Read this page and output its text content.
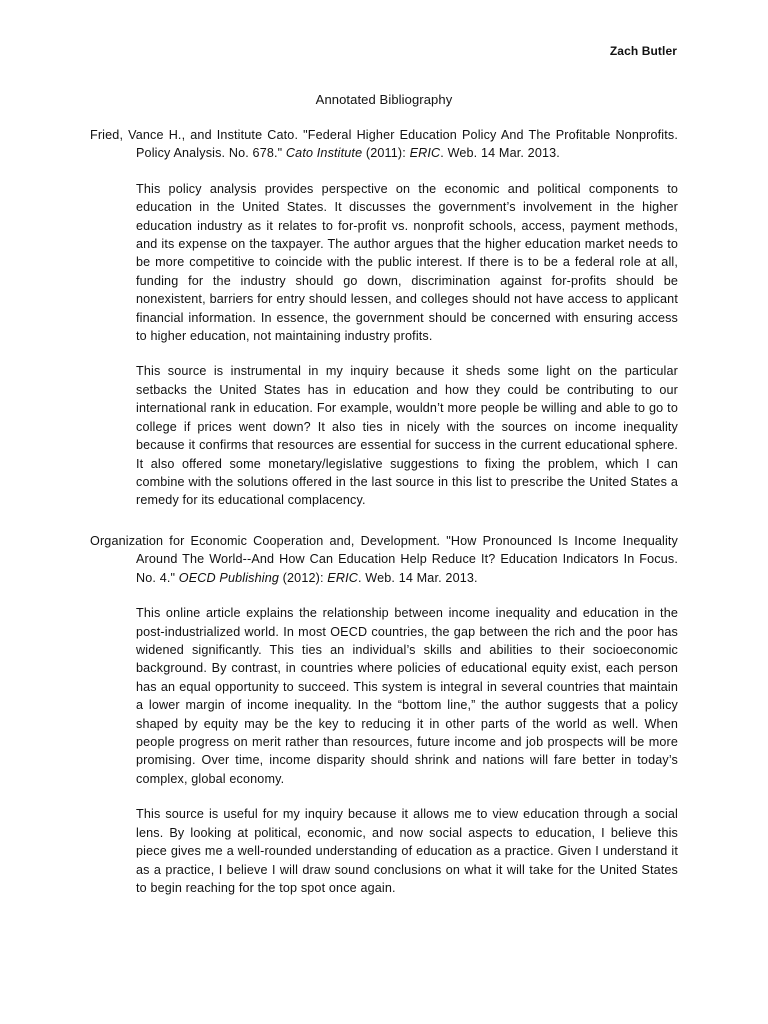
Zach Butler
Annotated Bibliography

Fried, Vance H., and Institute Cato. "Federal Higher Education Policy And The Profitable Nonprofits. Policy Analysis. No. 678." Cato Institute (2011): ERIC. Web. 14 Mar. 2013.

This policy analysis provides perspective on the economic and political components to education in the United States. It discusses the government’s involvement in the higher education industry as it relates to for-profit vs. nonprofit schools, access, payment methods, and its expense on the taxpayer. The author argues that the higher education market needs to be more competitive to coincide with the public interest. If there is to be a federal role at all, funding for the industry should go down, discrimination against for-profits should be nonexistent, barriers for entry should lessen, and colleges should not have access to applicant financial information. In essence, the government should be concerned with ensuring access to higher education, not maintaining industry profits.

This source is instrumental in my inquiry because it sheds some light on the particular setbacks the United States has in education and how they could be contributing to our international rank in education. For example, wouldn’t more people be willing and able to go to college if prices went down? It also ties in nicely with the sources on income inequality because it confirms that resources are essential for success in the current educational sphere. It also offered some monetary/legislative suggestions to fixing the problem, which I can combine with the solutions offered in the last source in this list to prescribe the United States a remedy for its educational complacency.

Organization for Economic Cooperation and, Development. "How Pronounced Is Income Inequality Around The World--And How Can Education Help Reduce It? Education Indicators In Focus. No. 4." OECD Publishing (2012): ERIC. Web. 14 Mar. 2013.

This online article explains the relationship between income inequality and education in the post-industrialized world. In most OECD countries, the gap between the rich and the poor has widened significantly. This ties an individual’s skills and abilities to their socioeconomic background. By contrast, in countries where policies of educational equity exist, each person has an equal opportunity to succeed. This system is integral in several countries that maintain a lower margin of income inequality. In the “bottom line,” the author suggests that a policy shaped by equity may be the key to reducing it in other parts of the world as well. When people progress on merit rather than resources, future income and job prospects will be more promising. Over time, income disparity should shrink and nations will fare better in today’s complex, global economy.

This source is useful for my inquiry because it allows me to view education through a social lens. By looking at political, economic, and now social aspects to education, I believe this piece gives me a well-rounded understanding of education as a practice. Given I understand it as a practice, I believe I will draw sound conclusions on what it will take for the United States to begin reaching for the top spot once again.
